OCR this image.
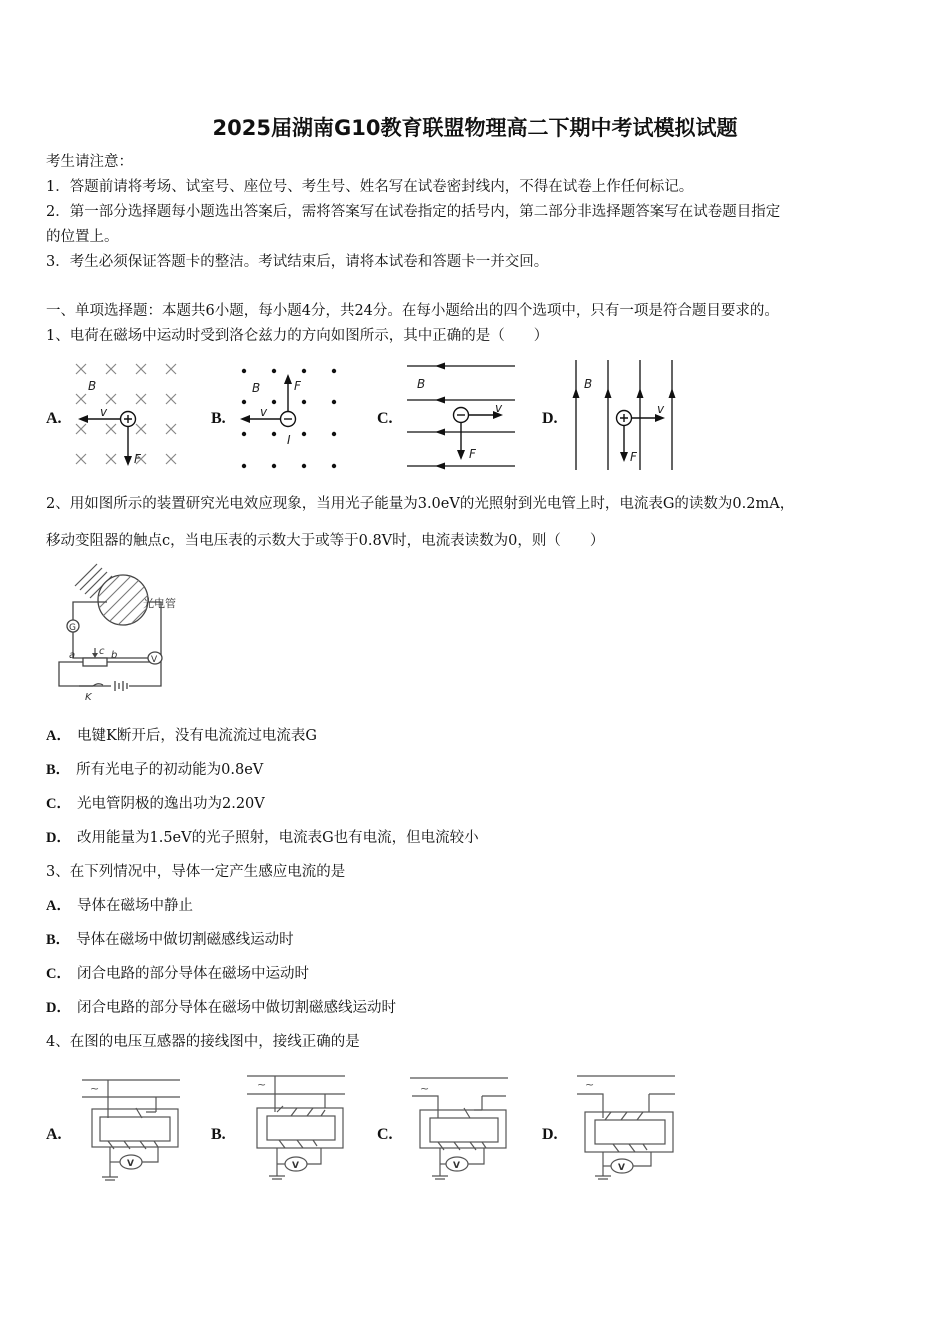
2025届湖南G10教育联盟物理高二下期中考试模拟试题
考生请注意：
1．答题前请将考场、试室号、座位号、考生号、姓名写在试卷密封线内，不得在试卷上作任何标记。
2．第一部分选择题每小题选出答案后，需将答案写在试卷指定的括号内，第二部分非选择题答案写在试卷题目指定
的位置上。
3．考生必须保证答题卡的整洁。考试结束后，请将本试卷和答题卡一并交回。
一、单项选择题：本题共6小题，每小题4分，共24分。在每小题给出的四个选项中，只有一项是符合题目要求的。
1、电荷在磁场中运动时受到洛仑兹力的方向如图所示，其中正确的是（　　）
A.
B
v
F
B.
B	F
v
I
C.
B
v
F
D.
B
v
F
2、用如图所示的装置研究光电效应现象，当用光子能量为3.0eV的光照射到光电管上时，电流表G的读数为0.2mA，
移动变阻器的触点c，当电压表的示数大于或等于0.8V时，电流表读数为0，则（　　）
光电管
G
V
a c b
K
A． 电键K断开后，没有电流流过电流表G
B． 所有光电子的初动能为0.8eV
C． 光电管阴极的逸出功为2.20V
D． 改用能量为1.5eV的光子照射，电流表G也有电流，但电流较小
3、在下列情况中，导体一定产生感应电流的是
A． 导体在磁场中静止
B． 导体在磁场中做切割磁感线运动时
C． 闭合电路的部分导体在磁场中运动时
D． 闭合电路的部分导体在磁场中做切割磁感线运动时
4、在图的电压互感器的接线图中，接线正确的是
A.
V
~
B.
V
~
C.
V
~
D.
V
~
